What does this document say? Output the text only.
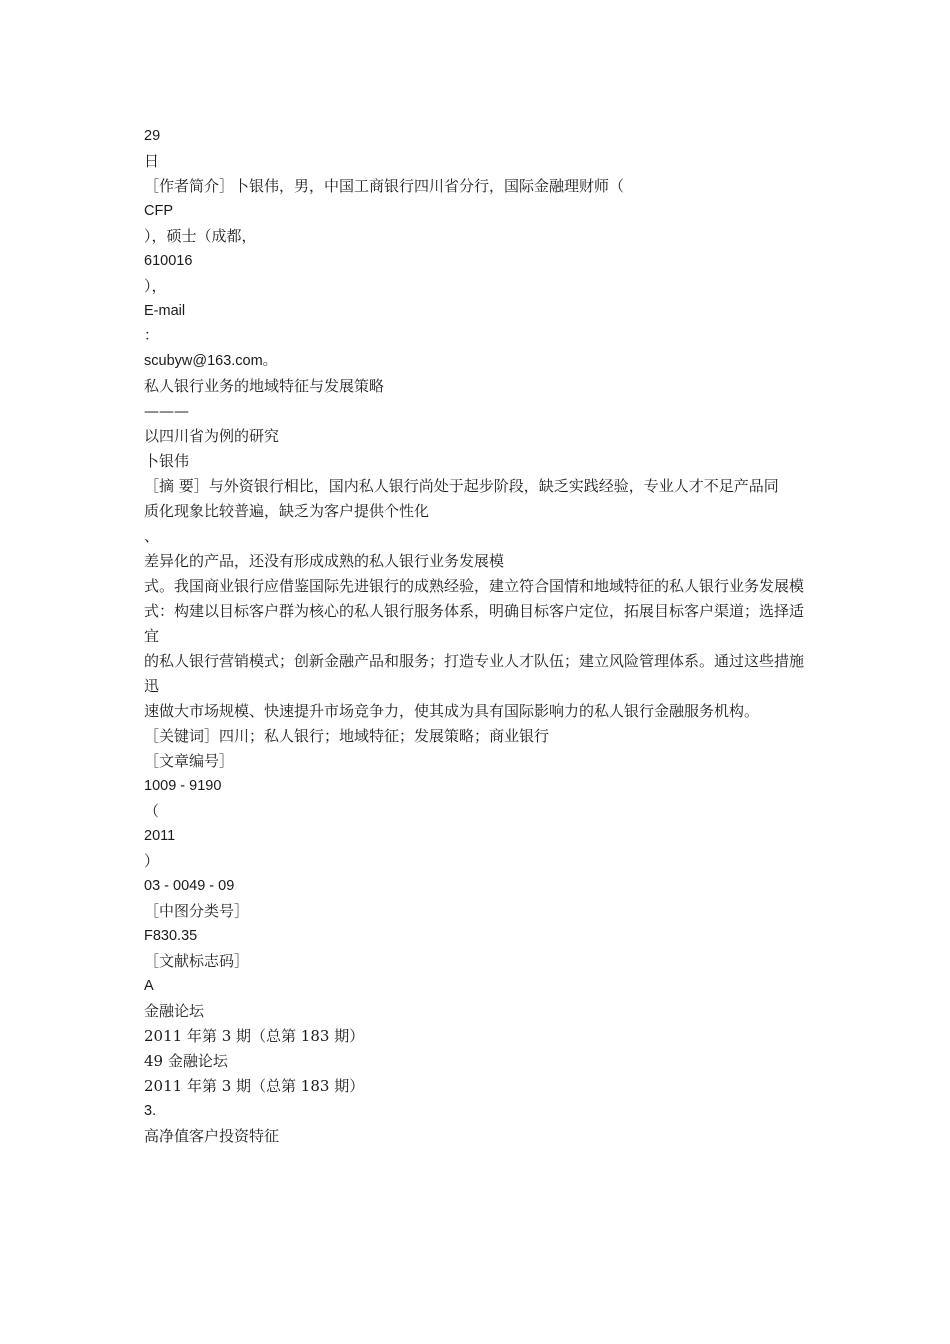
29
日
［作者简介］卜银伟，男，中国工商银行四川省分行，国际金融理财师（
CFP
），硕士（成都，
610016
），
E-mail
：
scubyw@163.com。
私人银行业务的地域特征与发展策略
———
以四川省为例的研究
卜银伟
［摘 要］与外资银行相比，国内私人银行尚处于起步阶段，缺乏实践经验，专业人才不足产品同
质化现象比较普遍，缺乏为客户提供个性化
、
差异化的产品，还没有形成成熟的私人银行业务发展模
式。我国商业银行应借鉴国际先进银行的成熟经验，建立符合国情和地域特征的私人银行业务发展模
式：构建以目标客户群为核心的私人银行服务体系，明确目标客户定位，拓展目标客户渠道；选择适宜
的私人银行营销模式；创新金融产品和服务；打造专业人才队伍；建立风险管理体系。通过这些措施迅
速做大市场规模、快速提升市场竞争力，使其成为具有国际影响力的私人银行金融服务机构。
［关键词］四川；私人银行；地域特征；发展策略；商业银行
［文章编号］
1009 - 9190
（
2011
）
03 - 0049 - 09
［中图分类号］
F830.35
［文献标志码］
A
金融论坛
2011 年第 3 期（总第 183 期）
49 金融论坛
2011 年第 3 期（总第 183 期）
3.
高净值客户投资特征
